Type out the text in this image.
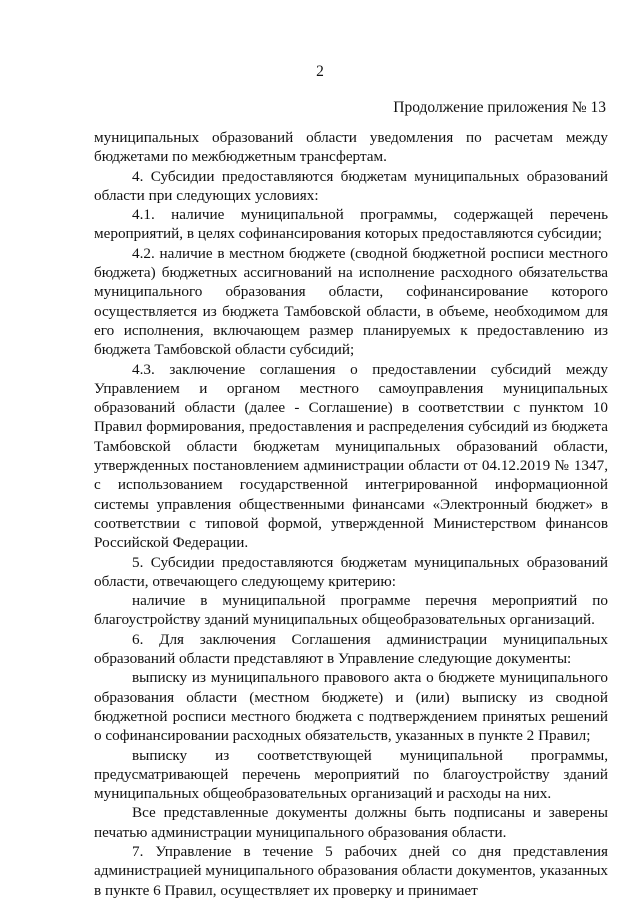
2
Продолжение приложения № 13

муниципальных образований области уведомления по расчетам между бюджетами по межбюджетным трансфертам.

4. Субсидии предоставляются бюджетам муниципальных образований области при следующих условиях:

4.1. наличие муниципальной программы, содержащей перечень мероприятий, в целях софинансирования которых предоставляются субсидии;

4.2. наличие в местном бюджете (сводной бюджетной росписи местного бюджета) бюджетных ассигнований на исполнение расходного обязательства муниципального образования области, софинансирование которого осуществляется из бюджета Тамбовской области, в объеме, необходимом для его исполнения, включающем размер планируемых к предоставлению из бюджета Тамбовской области субсидий;

4.3. заключение соглашения о предоставлении субсидий между Управлением и органом местного самоуправления муниципальных образований области (далее - Соглашение) в соответствии с пунктом 10 Правил формирования, предоставления и распределения субсидий из бюджета Тамбовской области бюджетам муниципальных образований области, утвержденных постановлением администрации области от 04.12.2019 № 1347, с использованием государственной интегрированной информационной системы управления общественными финансами «Электронный бюджет» в соответствии с типовой формой, утвержденной Министерством финансов Российской Федерации.

5. Субсидии предоставляются бюджетам муниципальных образований области, отвечающего следующему критерию:

наличие в муниципальной программе перечня мероприятий по благоустройству зданий муниципальных общеобразовательных организаций.

6. Для заключения Соглашения администрации муниципальных образований области представляют в Управление следующие документы:

выписку из муниципального правового акта о бюджете муниципального образования области (местном бюджете) и (или) выписку из сводной бюджетной росписи местного бюджета с подтверждением принятых решений о софинансировании расходных обязательств, указанных в пункте 2 Правил;

выписку из соответствующей муниципальной программы, предусматривающей перечень мероприятий по благоустройству зданий муниципальных общеобразовательных организаций и расходы на них.

Все представленные документы должны быть подписаны и заверены печатью администрации муниципального образования области.

7. Управление в течение 5 рабочих дней со дня представления администрацией муниципального образования области документов, указанных в пункте 6 Правил, осуществляет их проверку и принимает
